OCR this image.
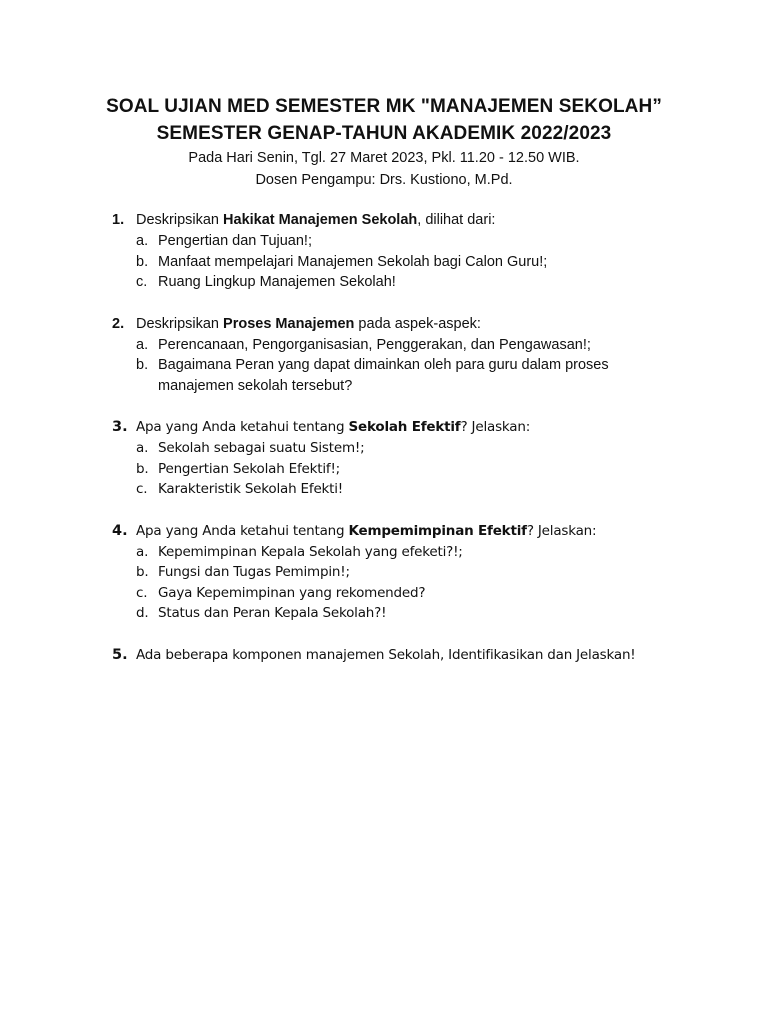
SOAL UJIAN MED SEMESTER MK "MANAJEMEN SEKOLAH”
SEMESTER GENAP-TAHUN AKADEMIK 2022/2023
Pada Hari Senin, Tgl. 27 Maret 2023, Pkl. 11.20 - 12.50 WIB.
Dosen Pengampu: Drs. Kustiono, M.Pd.
1. Deskripsikan Hakikat Manajemen Sekolah, dilihat dari:
a. Pengertian dan Tujuan!;
b. Manfaat mempelajari Manajemen Sekolah bagi Calon Guru!;
c. Ruang Lingkup Manajemen Sekolah!
2. Deskripsikan Proses Manajemen pada aspek-aspek:
a. Perencanaan, Pengorganisasian, Penggerakan, dan Pengawasan!;
b. Bagaimana Peran yang dapat dimainkan oleh para guru dalam proses manajemen sekolah tersebut?
3. Apa yang Anda ketahui tentang Sekolah Efektif? Jelaskan:
a. Sekolah sebagai suatu Sistem!;
b. Pengertian Sekolah Efektif!;
c. Karakteristik Sekolah Efekti!
4. Apa yang Anda ketahui tentang Kempemimpinan Efektif? Jelaskan:
a. Kepemimpinan Kepala Sekolah yang efeketi?!;
b. Fungsi dan Tugas Pemimpin!;
c. Gaya Kepemimpinan yang rekomended?
d. Status dan Peran Kepala Sekolah?!
5. Ada beberapa komponen manajemen Sekolah, Identifikasikan dan Jelaskan!
